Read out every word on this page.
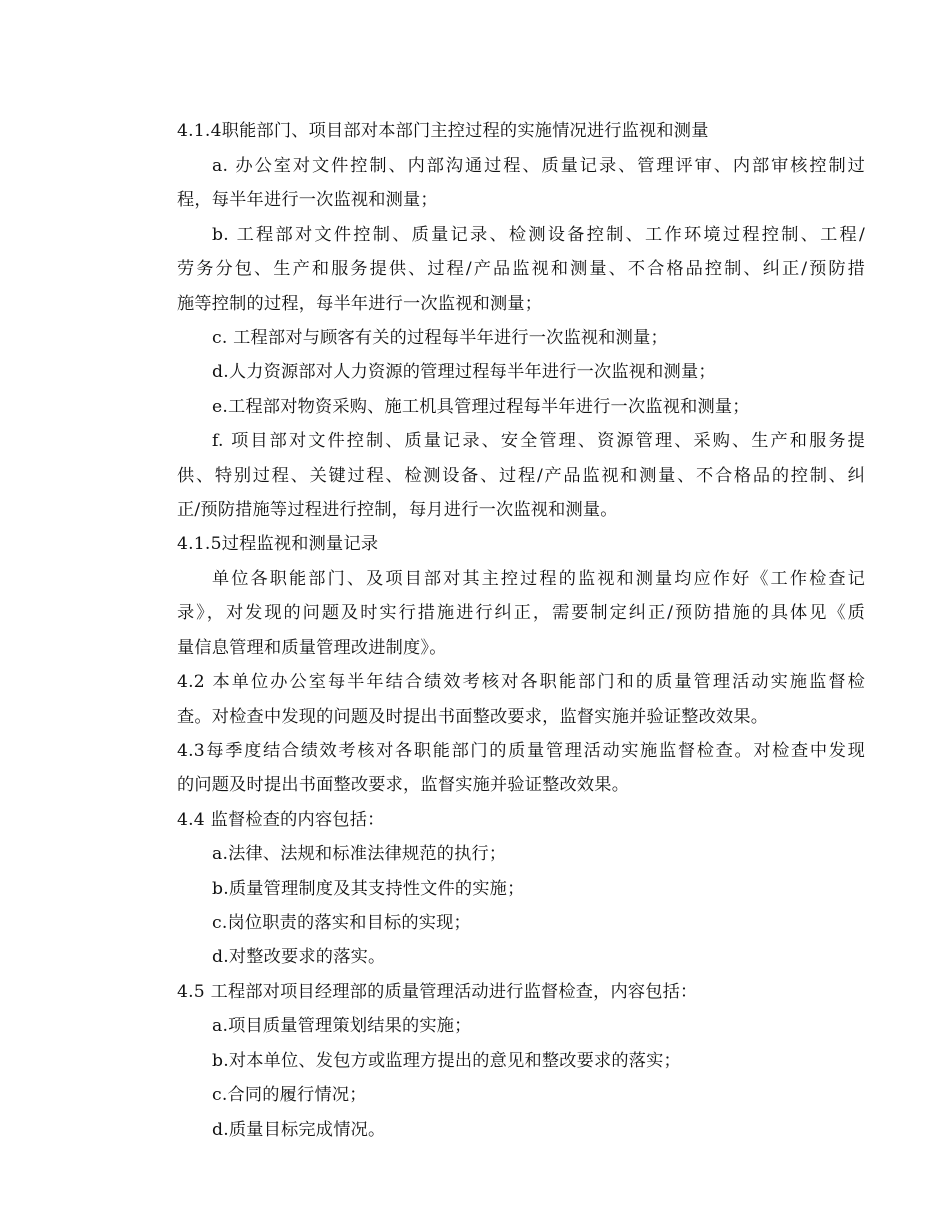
4.1.4职能部门、项目部对本部门主控过程的实施情况进行监视和测量
a. 办公室对文件控制、内部沟通过程、质量记录、管理评审、内部审核控制过
程，每半年进行一次监视和测量；
b. 工程部对文件控制、质量记录、检测设备控制、工作环境过程控制、工程/
劳务分包、生产和服务提供、过程/产品监视和测量、不合格品控制、纠正/预防措
施等控制的过程，每半年进行一次监视和测量；
c. 工程部对与顾客有关的过程每半年进行一次监视和测量；
d.人力资源部对人力资源的管理过程每半年进行一次监视和测量；
e.工程部对物资采购、施工机具管理过程每半年进行一次监视和测量；
f. 项目部对文件控制、质量记录、安全管理、资源管理、采购、生产和服务提
供、特别过程、关键过程、检测设备、过程/产品监视和测量、不合格品的控制、纠
正/预防措施等过程进行控制，每月进行一次监视和测量。
4.1.5过程监视和测量记录
单位各职能部门、及项目部对其主控过程的监视和测量均应作好《工作检查记
录》，对发现的问题及时实行措施进行纠正，需要制定纠正/预防措施的具体见《质
量信息管理和质量管理改进制度》。
4.2 本单位办公室每半年结合绩效考核对各职能部门和的质量管理活动实施监督检
查。对检查中发现的问题及时提出书面整改要求，监督实施并验证整改效果。
4.3每季度结合绩效考核对各职能部门的质量管理活动实施监督检查。对检查中发现
的问题及时提出书面整改要求，监督实施并验证整改效果。
4.4 监督检查的内容包括：
a.法律、法规和标准法律规范的执行；
b.质量管理制度及其支持性文件的实施；
c.岗位职责的落实和目标的实现；
d.对整改要求的落实。
4.5 工程部对项目经理部的质量管理活动进行监督检查，内容包括：
a.项目质量管理策划结果的实施；
b.对本单位、发包方或监理方提出的意见和整改要求的落实；
c.合同的履行情况；
d.质量目标完成情况。
